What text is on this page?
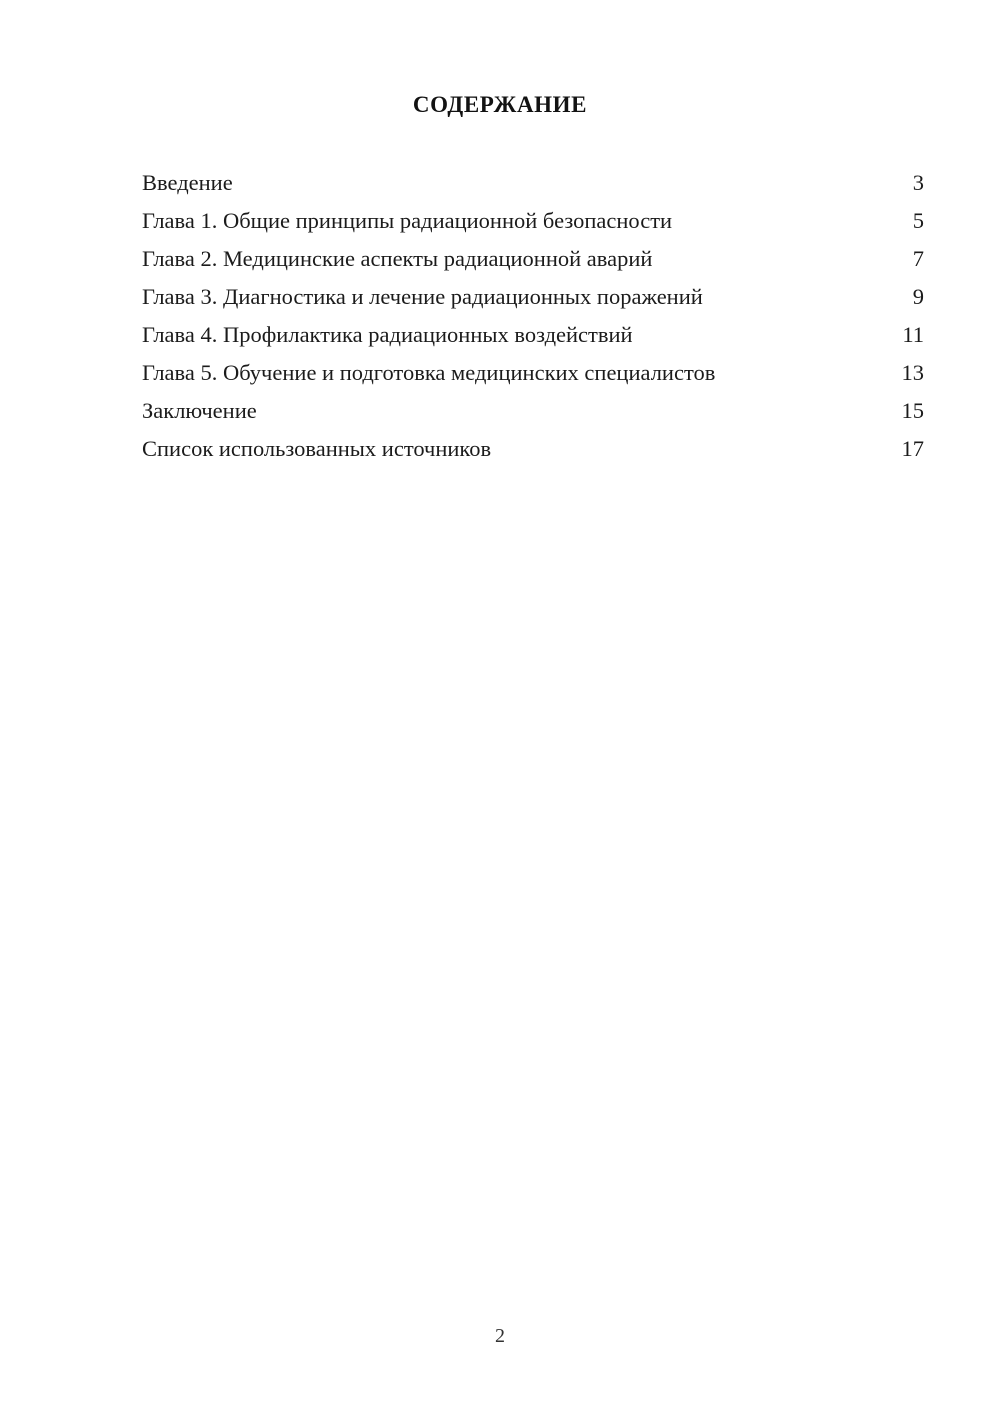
СОДЕРЖАНИЕ
Введение	3
Глава 1. Общие принципы радиационной безопасности	5
Глава 2. Медицинские аспекты радиационной аварий	7
Глава 3. Диагностика и лечение радиационных поражений	9
Глава 4. Профилактика радиационных воздействий	11
Глава 5. Обучение и подготовка медицинских специалистов	13
Заключение	15
Список использованных источников	17
2
